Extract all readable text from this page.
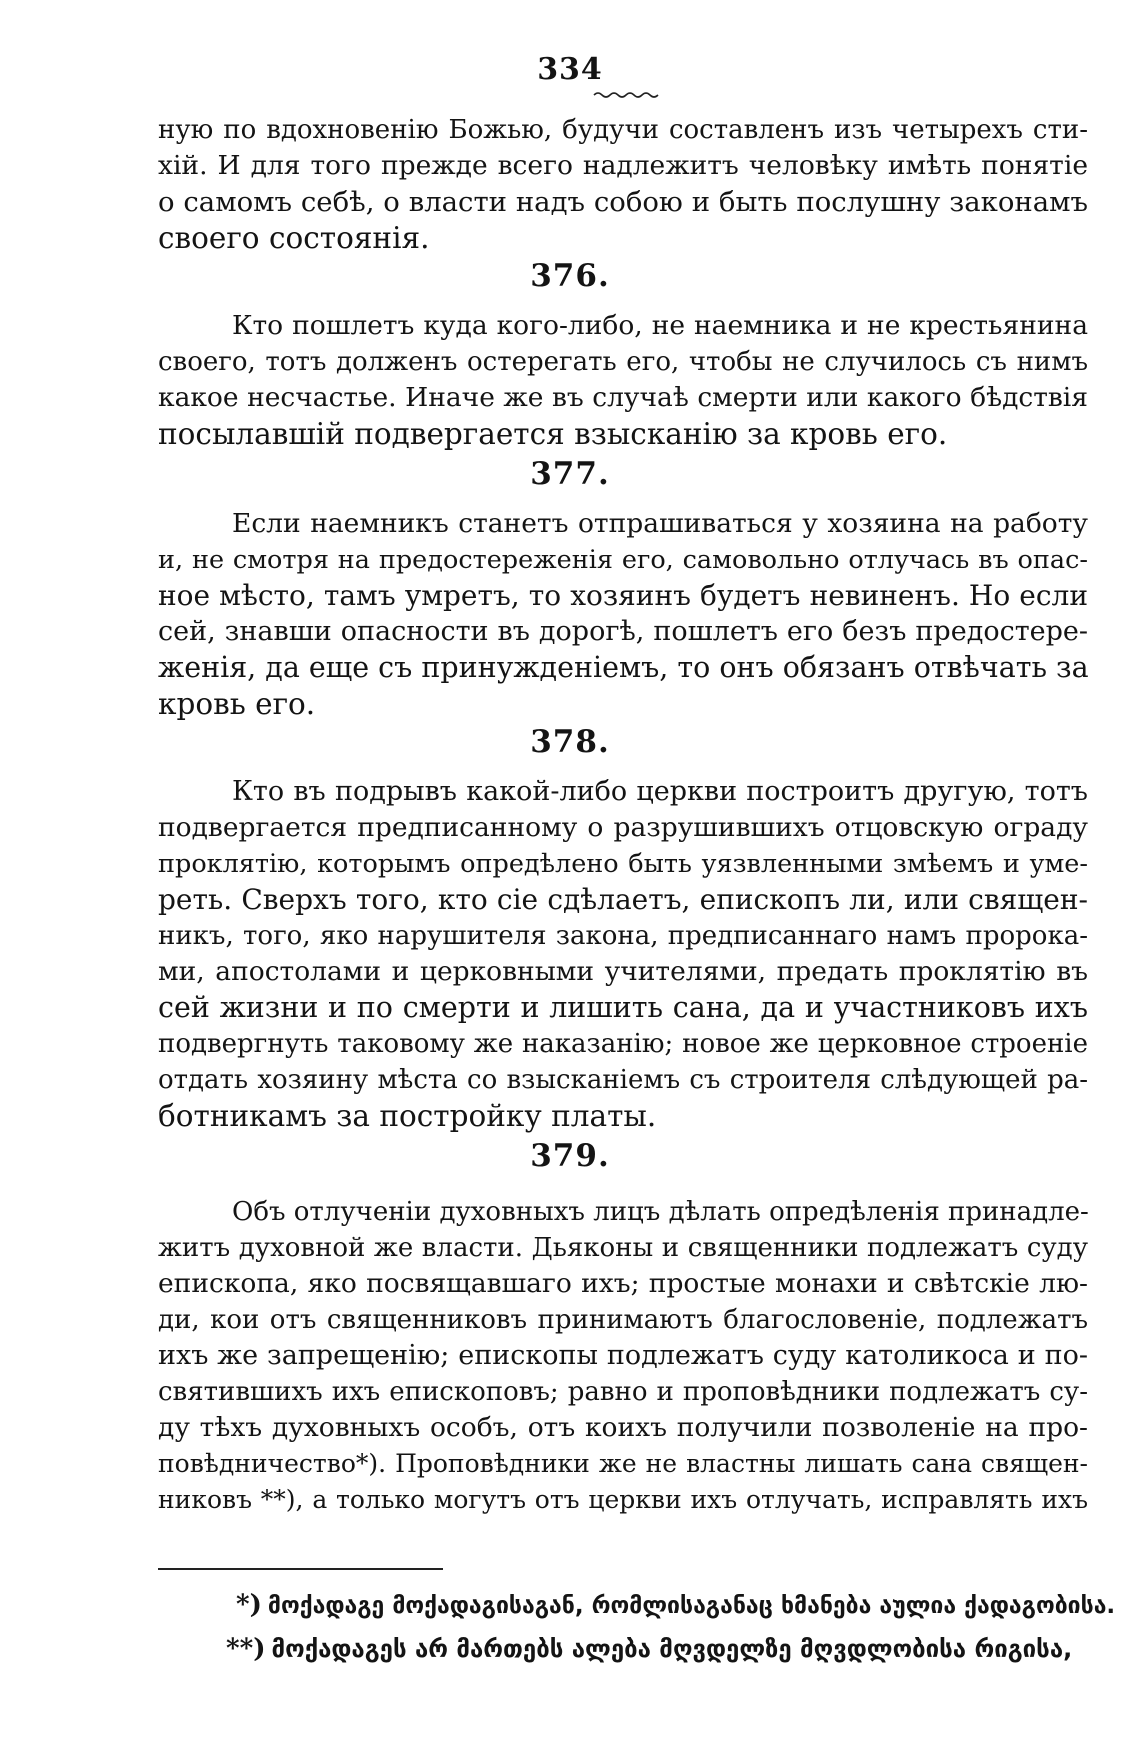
334
ную по вдохновенію Божью, будучи составленъ изъ четырехъ сти-
хій. И для того прежде всего надлежитъ человѣку имѣть понятіе
о самомъ себѣ, о власти надъ собою и быть послушну законамъ
своего состоянія.
376.
Кто пошлетъ куда кого-либо, не наемника и не крестьянина
своего, тотъ долженъ остерегать его, чтобы не случилось съ нимъ
какое несчастье. Иначе же въ случаѣ смерти или какого бѣдствія
посылавшій подвергается взысканію за кровь его.
377.
Если наемникъ станетъ отпрашиваться у хозяина на работу
и, не смотря на предостереженія его, самовольно отлучась въ опас-
ное мѣсто, тамъ умретъ, то хозяинъ будетъ невиненъ. Но если
сей, знавши опасности въ дорогѣ, пошлетъ его безъ предостере-
женія, да еще съ принужденіемъ, то онъ обязанъ отвѣчать за
кровь его.
378.
Кто въ подрывъ какой-либо церкви построитъ другую, тотъ
подвергается предписанному о разрушившихъ отцовскую ограду
проклятію, которымъ опредѣлено быть уязвленными змѣемъ и уме-
реть. Сверхъ того, кто сіе сдѣлаетъ, епископъ ли, или священ-
никъ, того, яко нарушителя закона, предписаннаго намъ пророка-
ми, апостолами и церковными учителями, предать проклятію въ
сей жизни и по смерти и лишить сана, да и участниковъ ихъ
подвергнуть таковому же наказанію; новое же церковное строеніе
отдать хозяину мѣста со взысканіемъ съ строителя слѣдующей ра-
ботникамъ за постройку платы.
379.
Объ отлученіи духовныхъ лицъ дѣлать опредѣленія принадле-
житъ духовной же власти. Дьяконы и священники подлежатъ суду
епископа, яко посвящавшаго ихъ; простые монахи и свѣтскіе лю-
ди, кои отъ священниковъ принимаютъ благословеніе, подлежатъ
ихъ же запрещенію; епископы подлежатъ суду католикоса и по-
святившихъ ихъ епископовъ; равно и проповѣдники подлежатъ су-
ду тѣхъ духовныхъ особъ, отъ коихъ получили позволеніе на про-
повѣдничество*). Проповѣдники же не властны лишать сана священ-
никовъ **), а только могутъ отъ церкви ихъ отлучать, исправлять ихъ
*) მოქადაგე მოქადაგისაგან, რომლისაგანაც ხმანება აულია ქადაგობისა.
**) მოქადაგეს არ მართებს ალება მღვდელზე მღვდლობისა რიგისა,
